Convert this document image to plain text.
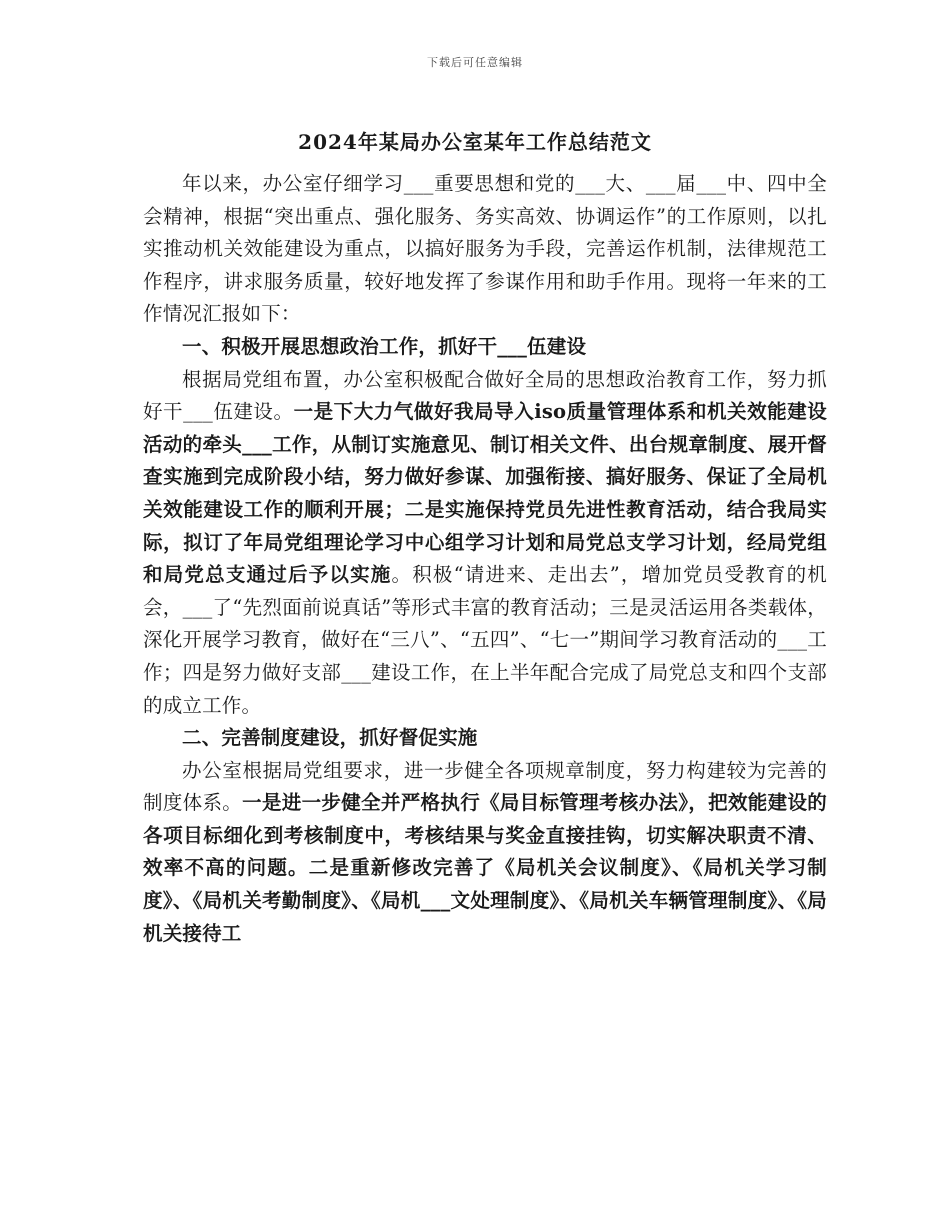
下载后可任意编辑
2024年某局办公室某年工作总结范文

年以来，办公室仔细学习___重要思想和党的___大、___届___中、四中全会精神，根据“突出重点、强化服务、务实高效、协调运作”的工作原则，以扎实推动机关效能建设为重点，以搞好服务为手段，完善运作机制，法律规范工作程序，讲求服务质量，较好地发挥了参谋作用和助手作用。现将一年来的工作情况汇报如下：

一、积极开展思想政治工作，抓好干___伍建设

根据局党组布置，办公室积极配合做好全局的思想政治教育工作，努力抓好干___伍建设。一是下大力气做好我局导入iso质量管理体系和机关效能建设活动的牵头___工作，从制订实施意见、制订相关文件、出台规章制度、展开督查实施到完成阶段小结，努力做好参谋、加强衔接、搞好服务、保证了全局机关效能建设工作的顺利开展；二是实施保持党员先进性教育活动，结合我局实际，拟订了年局党组理论学习中心组学习计划和局党总支学习计划，经局党组和局党总支通过后予以实施。积极“请进来、走出去”，增加党员受教育的机会，___了“先烈面前说真话”等形式丰富的教育活动；三是灵活运用各类载体，深化开展学习教育，做好在“三八”、“五四”、“七一”期间学习教育活动的___工作；四是努力做好支部___建设工作，在上半年配合完成了局党总支和四个支部的成立工作。

二、完善制度建设，抓好督促实施

办公室根据局党组要求，进一步健全各项规章制度，努力构建较为完善的制度体系。一是进一步健全并严格执行《局目标管理考核办法》，把效能建设的各项目标细化到考核制度中，考核结果与奖金直接挂钩，切实解决职责不清、效率不高的问题。二是重新修改完善了《局机关会议制度》、《局机关学习制度》、《局机关考勤制度》、《局机___文处理制度》、《局机关车辆管理制度》、《局机关接待工
